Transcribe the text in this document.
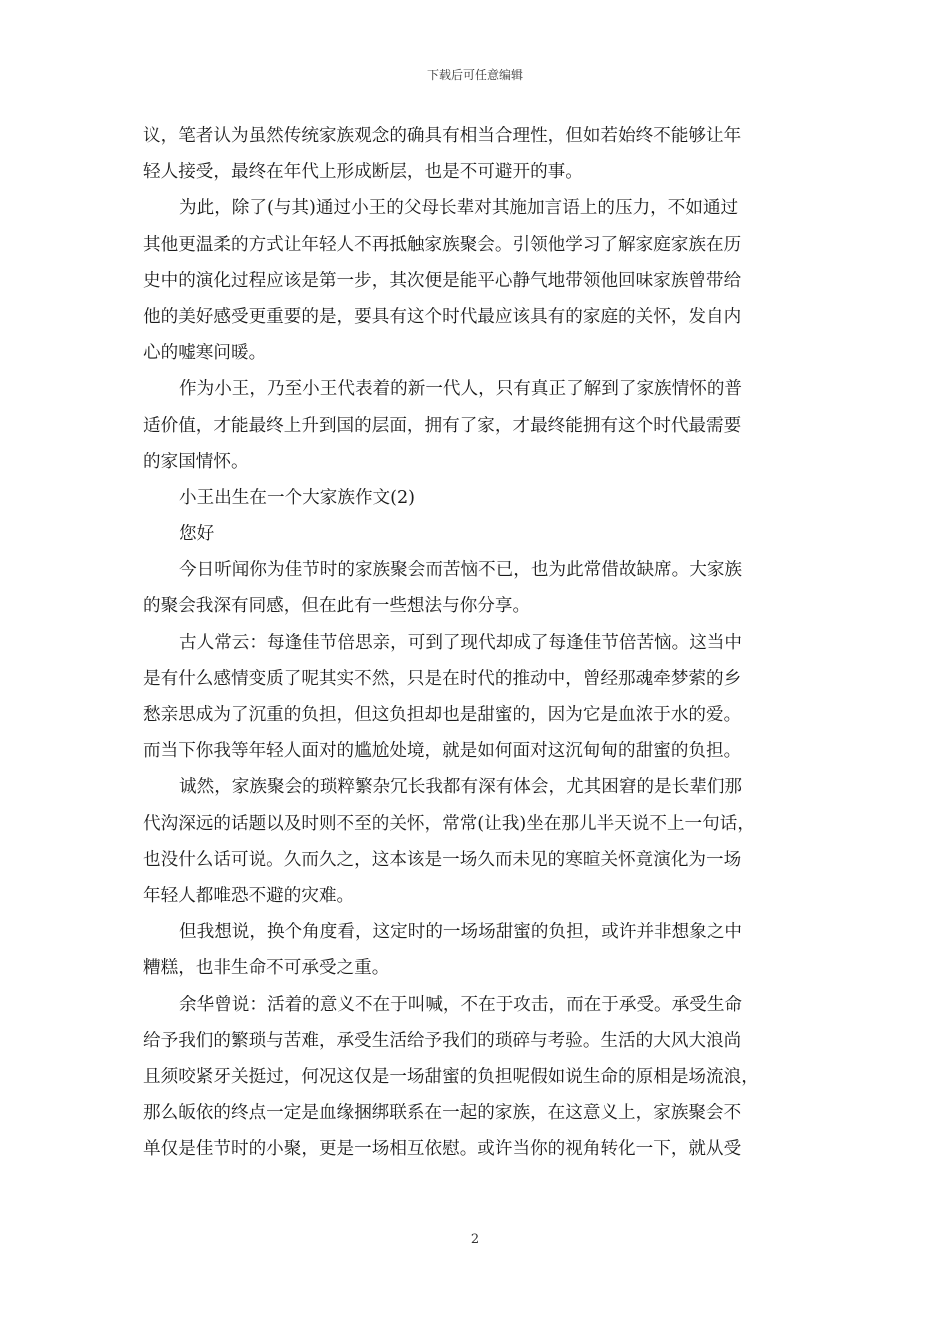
下载后可任意编辑
议，笔者认为虽然传统家族观念的确具有相当合理性，但如若始终不能够让年
轻人接受，最终在年代上形成断层，也是不可避开的事。
为此，除了(与其)通过小王的父母长辈对其施加言语上的压力，不如通过
其他更温柔的方式让年轻人不再抵触家族聚会。引领他学习了解家庭家族在历
史中的演化过程应该是第一步，其次便是能平心静气地带领他回味家族曾带给
他的美好感受更重要的是，要具有这个时代最应该具有的家庭的关怀，发自内
心的嘘寒问暖。
作为小王，乃至小王代表着的新一代人，只有真正了解到了家族情怀的普
适价值，才能最终上升到国的层面，拥有了家，才最终能拥有这个时代最需要
的家国情怀。
小王出生在一个大家族作文(2)
您好
今日听闻你为佳节时的家族聚会而苦恼不已，也为此常借故缺席。大家族
的聚会我深有同感，但在此有一些想法与你分享。
古人常云：每逢佳节倍思亲，可到了现代却成了每逢佳节倍苦恼。这当中
是有什么感情变质了呢其实不然，只是在时代的推动中，曾经那魂牵梦萦的乡
愁亲思成为了沉重的负担，但这负担却也是甜蜜的，因为它是血浓于水的爱。
而当下你我等年轻人面对的尴尬处境，就是如何面对这沉甸甸的甜蜜的负担。
诚然，家族聚会的琐粹繁杂冗长我都有深有体会，尤其困窘的是长辈们那
代沟深远的话题以及时则不至的关怀，常常(让我)坐在那儿半天说不上一句话，
也没什么话可说。久而久之，这本该是一场久而未见的寒暄关怀竟演化为一场
年轻人都唯恐不避的灾难。
但我想说，换个角度看，这定时的一场场甜蜜的负担，或许并非想象之中
糟糕，也非生命不可承受之重。
余华曾说：活着的意义不在于叫喊，不在于攻击，而在于承受。承受生命
给予我们的繁琐与苦难，承受生活给予我们的琐碎与考验。生活的大风大浪尚
且须咬紧牙关挺过，何况这仅是一场甜蜜的负担呢假如说生命的原相是场流浪，
那么皈依的终点一定是血缘捆绑联系在一起的家族，在这意义上，家族聚会不
单仅是佳节时的小聚，更是一场相互依慰。或许当你的视角转化一下，就从受
2
